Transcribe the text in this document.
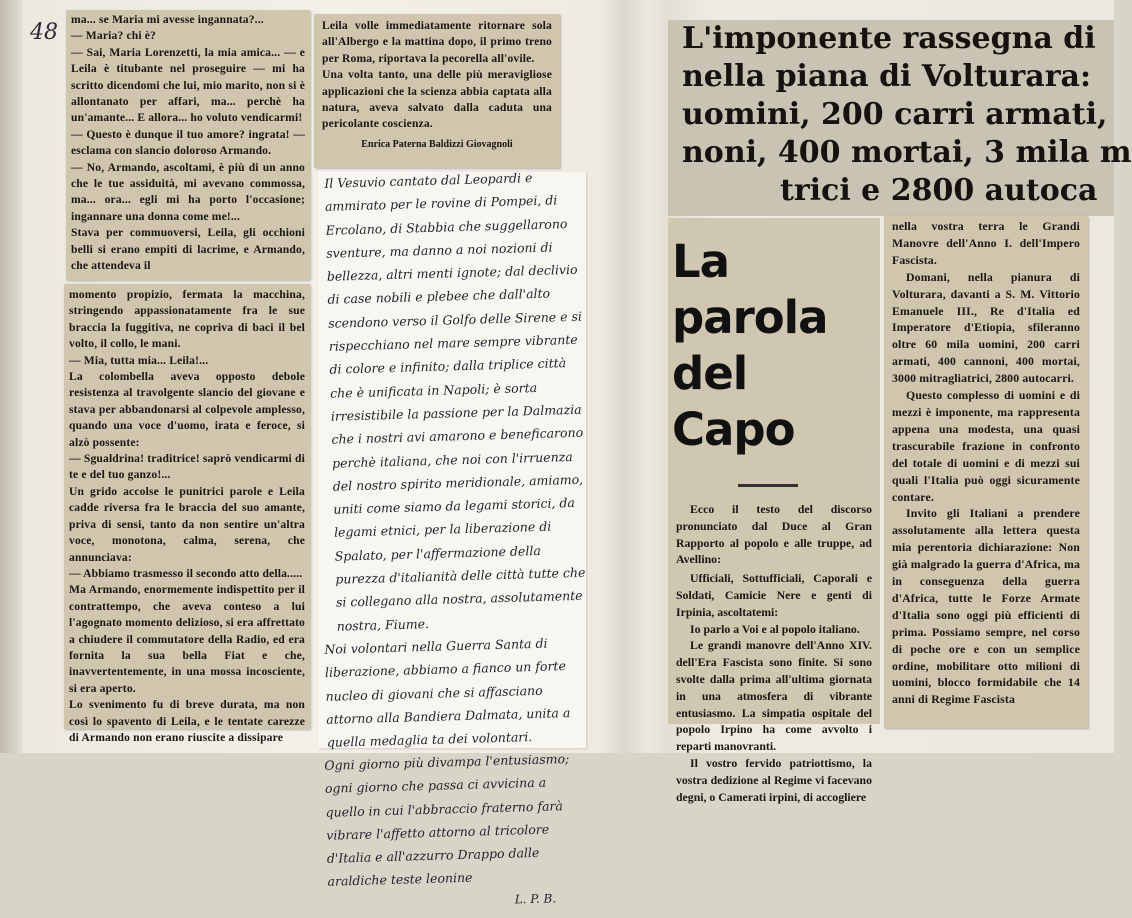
48

ma... se Maria mi avesse ingannata?...

— Maria? chi è?

— Sai, Maria Lorenzetti, la mia amica... — e Leila è titubante nel proseguire — mi ha scritto dicendomi che lui, mio marito, non si è allontanato per affari, ma... perchè ha un'amante... E allora... ho voluto vendicarmi!

— Questo è dunque il tuo amore? ingrata! — esclama con slancio doloroso Armando.

— No, Armando, ascoltami, è più di un anno che le tue assiduità, mi avevano commossa, ma... ora... egli mi ha porto l'occasione; ingannare una donna come me!...

Stava per commuoversi, Leila, gli occhioni belli si erano empiti di lacrime, e Armando, che attendeva il

momento propizio, fermata la macchina, stringendo appassionatamente fra le sue braccia la fuggitiva, ne copriva di baci il bel volto, il collo, le mani.

— Mia, tutta mia... Leila!...

La colombella aveva opposto debole resistenza al travolgente slancio del giovane e stava per abbandonarsi al colpevole amplesso, quando una voce d'uomo, irata e feroce, si alzò possente:

— Sgualdrina! traditrice! saprò vendicarmi di te e del tuo ganzo!...

Un grido accolse le punitrici parole e Leila cadde riversa fra le braccia del suo amante, priva di sensi, tanto da non sentire un'altra voce, monotona, calma, serena, che annunciava:

— Abbiamo trasmesso il secondo atto della.....

Ma Armando, enormemente indispettito per il contrattempo, che aveva conteso a lui l'agognato momento delizioso, si era affrettato a chiudere il commutatore della Radio, ed era fornita la sua bella Fiat e che, inavvertentemente, in una mossa incosciente, si era aperto.

Lo svenimento fu di breve durata, ma non così lo spavento di Leila, e le tentate carezze di Armando non erano riuscite a dissipare

Leila volle immediatamente ritornare sola all'Albergo e la mattina dopo, il primo treno per Roma, riportava la pecorella all'ovile.

Una volta tanto, una delle più meravigliose applicazioni che la scienza abbia captata alla natura, aveva salvato dalla caduta una pericolante coscienza.

Enrica Paterna Baldizzi Giovagnoli

Il Vesuvio cantato dal Leopardi e ammirato per le rovine di Pompei, di Ercolano, di Stabbia che suggellarono sventure, ma danno a noi nozioni di bellezza, altri menti ignote; dal declivio di case nobili e plebee che dall'alto scendono verso il Golfo delle Sirene e si rispecchiano nel mare sempre vibrante di colore e infinito; dalla triplice città che è unificata in Napoli; è sorta irresistibile la passione per la Dalmazia che i nostri avi amarono e beneficarono perchè italiana, che noi con l'irruenza del nostro spirito meridionale, amiamo, uniti come siamo da legami storici, da legami etnici, per la liberazione di Spalato, per l'affermazione della purezza d'italianità delle città tutte che si collegano alla nostra, assolutamente nostra, Fiume.

Noi volontari nella Guerra Santa di liberazione, abbiamo a fianco un forte nucleo di giovani che si affasciano attorno alla Bandiera Dalmata, unita a quella medaglia ta dei volontari.

Ogni giorno più divampa l'entusiasmo; ogni giorno che passa ci avvicina a quello in cui l'abbraccio fraterno farà vibrare l'affetto attorno al tricolore d'Italia e all'azzurro Drappo dalle araldiche teste leonine

L. P. B.

L'imponente rassegna di
nella piana di Volturara:
uomini, 200 carri armati,
noni, 400 mortai, 3 mila m
trici e 2800 autoca
La parola
del Capo

Ecco il testo del discorso pronunciato dal Duce al Gran Rapporto al popolo e alle truppe, ad Avellino:

Ufficiali, Sottufficiali, Caporali e Soldati, Camicie Nere e genti di Irpinia, ascoltatemi:

Io parlo a Voi e al popolo italiano.

Le grandi manovre dell'Anno XIV. dell'Era Fascista sono finite. Si sono svolte dalla prima all'ultima giornata in una atmosfera di vibrante entusiasmo. La simpatia ospitale del popolo Irpino ha come avvolto i reparti manovranti.

Il vostro fervido patriottismo, la vostra dedizione al Regime vi facevano degni, o Camerati irpini, di accogliere

nella vostra terra le Grandi Manovre dell'Anno I. dell'Impero Fascista.

Domani, nella pianura di Volturara, davanti a S. M. Vittorio Emanuele III., Re d'Italia ed Imperatore d'Etiopia, sfileranno oltre 60 mila uomini, 200 carri armati, 400 cannoni, 400 mortai, 3000 mitragliatrici, 2800 autocarri.

Questo complesso di uomini e di mezzi è imponente, ma rappresenta appena una modesta, una quasi trascurabile frazione in confronto del totale di uomini e di mezzi sui quali l'Italia può oggi sicuramente contare.

Invito gli Italiani a prendere assolutamente alla lettera questa mia perentoria dichiarazione: Non già malgrado la guerra d'Africa, ma in conseguenza della guerra d'Africa, tutte le Forze Armate d'Italia sono oggi più efficienti di prima. Possiamo sempre, nel corso di poche ore e con un semplice ordine, mobilitare otto milioni di uomini, blocco formidabile che 14 anni di Regime Fascista
